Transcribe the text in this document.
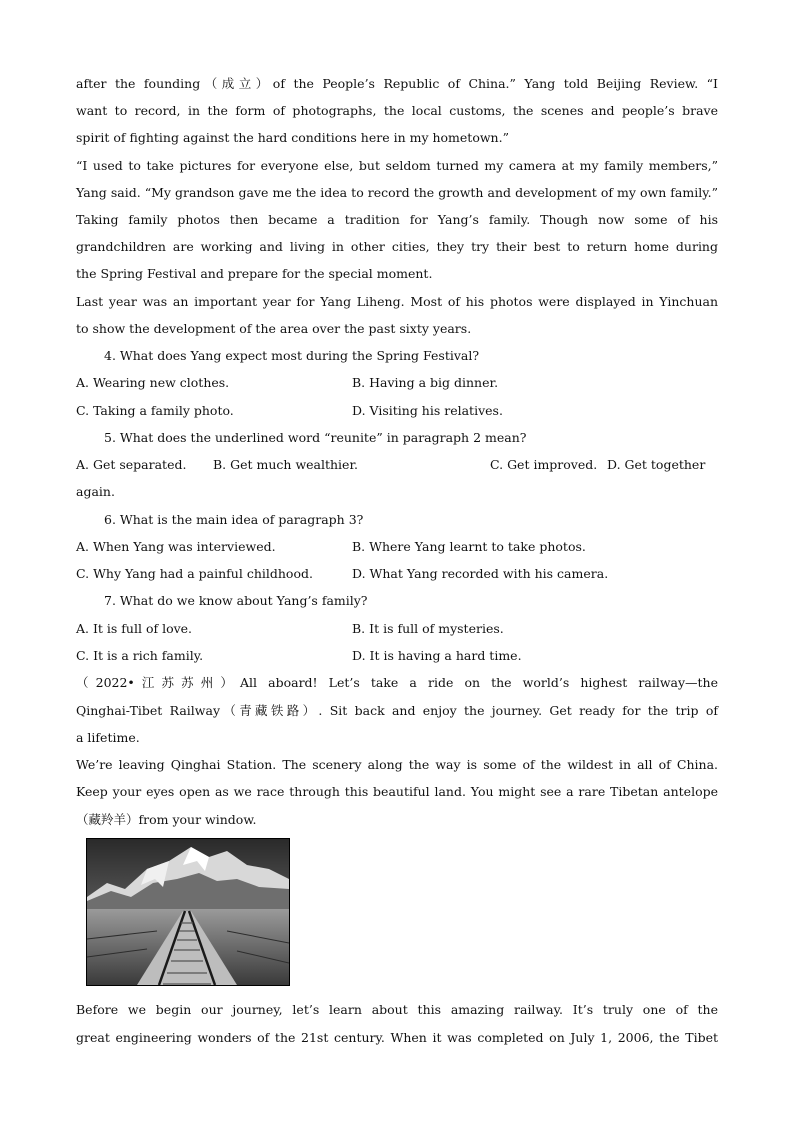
after the founding（成立）of the People’s Republic of China.” Yang told Beijing Review. “I
want to record, in the form of photographs, the local customs, the scenes and people’s brave
spirit of fighting against the hard conditions here in my hometown.”
“I used to take pictures for everyone else, but seldom turned my camera at my family members,”
Yang said. “My grandson gave me the idea to record the growth and development of my own family.”
Taking family photos then became a tradition for Yang’s family. Though now some of his
grandchildren are working and living in other cities, they try their best to return home during
the Spring Festival and prepare for the special moment.
Last year was an important year for Yang Liheng. Most of his photos were displayed in Yinchuan
to show the development of the area over the past sixty years.
4. What does Yang expect most during the Spring Festival?
A. Wearing new clothes.	B. Having a big dinner.
C. Taking a family photo.	D. Visiting his relatives.
5. What does the underlined word “reunite” in paragraph 2 mean?
A. Get separated. B. Get much wealthier.	C. Get improved. D. Get together
again.
6. What is the main idea of paragraph 3?
A. When Yang was interviewed.	B. Where Yang learnt to take photos.
C. Why Yang had a painful childhood.	D. What Yang recorded with his camera.
7. What do we know about Yang’s family?
A. It is full of love.	B. It is full of mysteries.
C. It is a rich family.	D. It is having a hard time.
（2022•江苏苏州）All aboard! Let’s take a ride on the world’s highest railway—the
Qinghai-Tibet Railway（青藏铁路）. Sit back and enjoy the journey. Get ready for the trip of
a lifetime.
We’re leaving Qinghai Station. The scenery along the way is some of the wildest in all of China.
Keep your eyes open as we race through this beautiful land. You might see a rare Tibetan antelope
（藏羚羊）from your window.
Before we begin our journey, let’s learn about this amazing railway. It’s truly one of the
great engineering wonders of the 21st century. When it was completed on July 1, 2006, the Tibet
